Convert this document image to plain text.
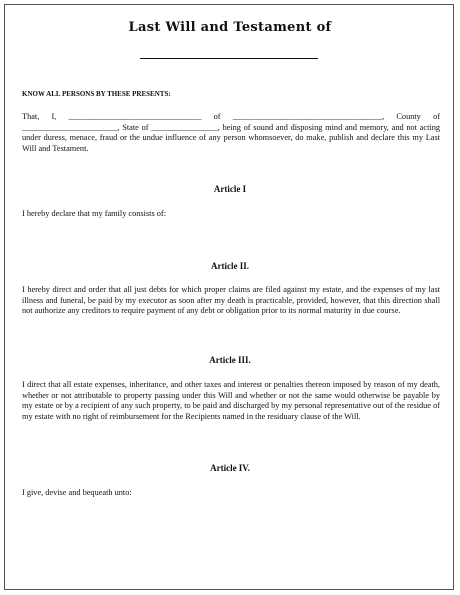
Last Will and Testament of
KNOW ALL PERSONS BY THESE PRESENTS:

That, I, ________________________________ of ____________________________________, County of _______________________, State of ________________, being of sound and disposing mind and memory, and not acting under duress, menace, fraud or the undue influence of any person whomsoever, do make, publish and declare this my Last Will and Testament.

Article I

I hereby declare that my family consists of:

Article II.

I hereby direct and order that all just debts for which proper claims are filed against my estate, and the expenses of my last illness and funeral, be paid by my executor as soon after my death is practicable, provided, however, that this direction shall not authorize any creditors to require payment of any debt or obligation prior to its normal maturity in due course.

Article III.

I direct that all estate expenses, inheritance, and other taxes and interest or penalties thereon imposed by reason of my death, whether or not attributable to property passing under this Will and whether or not the same would otherwise be payable by my estate or by a recipient of any such property, to be paid and discharged by my personal representative out of the residue of my estate with no right of reimbursement for the Recipients named in the residuary clause of the Will.

Article IV.

I give, devise and bequeath unto:
